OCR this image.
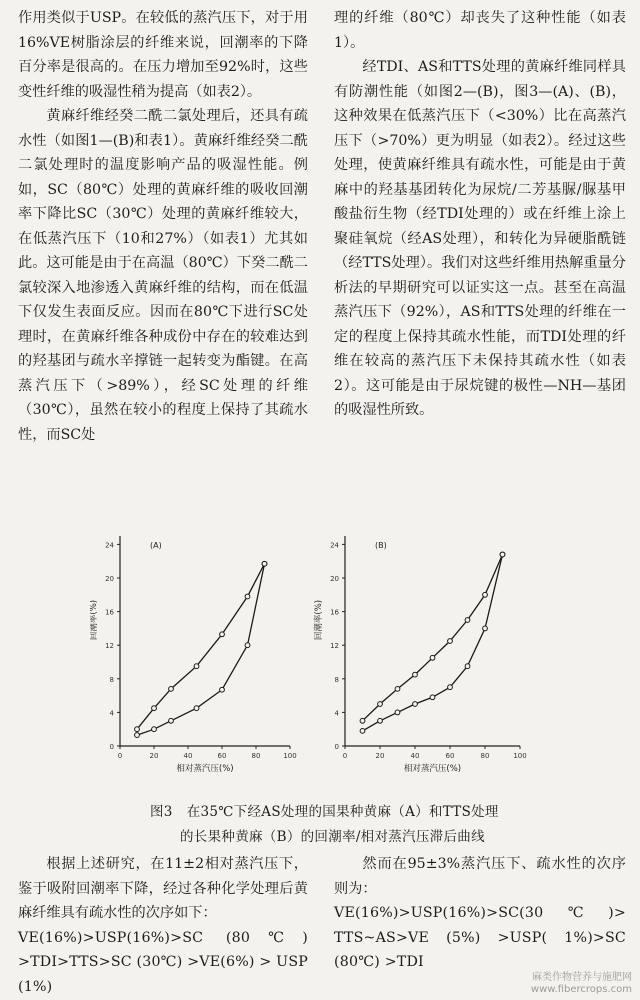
作用类似于USP。在较低的蒸汽压下，对于用16%VE树脂涂层的纤维来说，回潮率的下降百分率是很高的。在压力增加至92%时，这些变性纤维的吸湿性稍为提高（如表2）。

黄麻纤维经癸二酰二氯处理后，还具有疏水性（如图1—(B)和表1）。黄麻纤维经癸二酰二氯处理时的温度影响产品的吸湿性能。例如，SC（80℃）处理的黄麻纤维的吸收回潮率下降比SC（30℃）处理的黄麻纤维较大，在低蒸汽压下（10和27%）（如表1）尤其如此。这可能是由于在高温（80℃）下癸二酰二氯较深入地渗透入黄麻纤维的结构，而在低温下仅发生表面反应。因而在80℃下进行SC处理时，在黄麻纤维各种成份中存在的较难达到的羟基团与疏水辛撑链一起转变为酯键。在高蒸汽压下（>89%），经SC处理的纤维（30℃），虽然在较小的程度上保持了其疏水性，而SC处

理的纤维（80℃）却丧失了这种性能（如表1）。

经TDI、AS和TTS处理的黄麻纤维同样具有防潮性能（如图2—(B)，图3—(A)、(B)，这种效果在低蒸汽压下（<30%）比在高蒸汽压下（>70%）更为明显（如表2）。经过这些处理，使黄麻纤维具有疏水性，可能是由于黄麻中的羟基基团转化为尿烷/二芳基脲/脲基甲酸盐衍生物（经TDI处理的）或在纤维上涂上聚硅氧烷（经AS处理），和转化为异硬脂酰链（经TTS处理）。我们对这些纤维用热解重量分析法的早期研究可以证实这一点。甚至在高温蒸汽压下（92%），AS和TTS处理的纤维在一定的程度上保持其疏水性能，而TDI处理的纤维在较高的蒸汽压下未保持其疏水性（如表2）。这可能是由于尿烷键的极性—NH—基团的吸湿性所致。

0
4
8
12
16
20
24
0	20	40	60	80	100
相对蒸汽压(%)
回潮率(%)
(A)
0
4
8
12
16
20
24
0	20	40	60	80	100
相对蒸汽压(%)
回潮率(%)
(B)
图3 在35℃下经AS处理的国果种黄麻（A）和TTS处理
的长果种黄麻（B）的回潮率/相对蒸汽压滞后曲线

根据上述研究，在11±2相对蒸汽压下，鉴于吸附回潮率下降，经过各种化学处理后黄麻纤维具有疏水性的次序如下：

VE(16%)>USP(16%)>SC (80℃) >TDI>TTS>SC (30℃) >VE(6%) > USP (1%)

然而在95±3%蒸汽压下、疏水性的次序则为：

VE(16%)>USP(16%)>SC(30℃)> TTS~AS>VE (5%) >USP( 1%)>SC (80℃) >TDI

麻类作物营养与施肥网
www.fibercrops.com
